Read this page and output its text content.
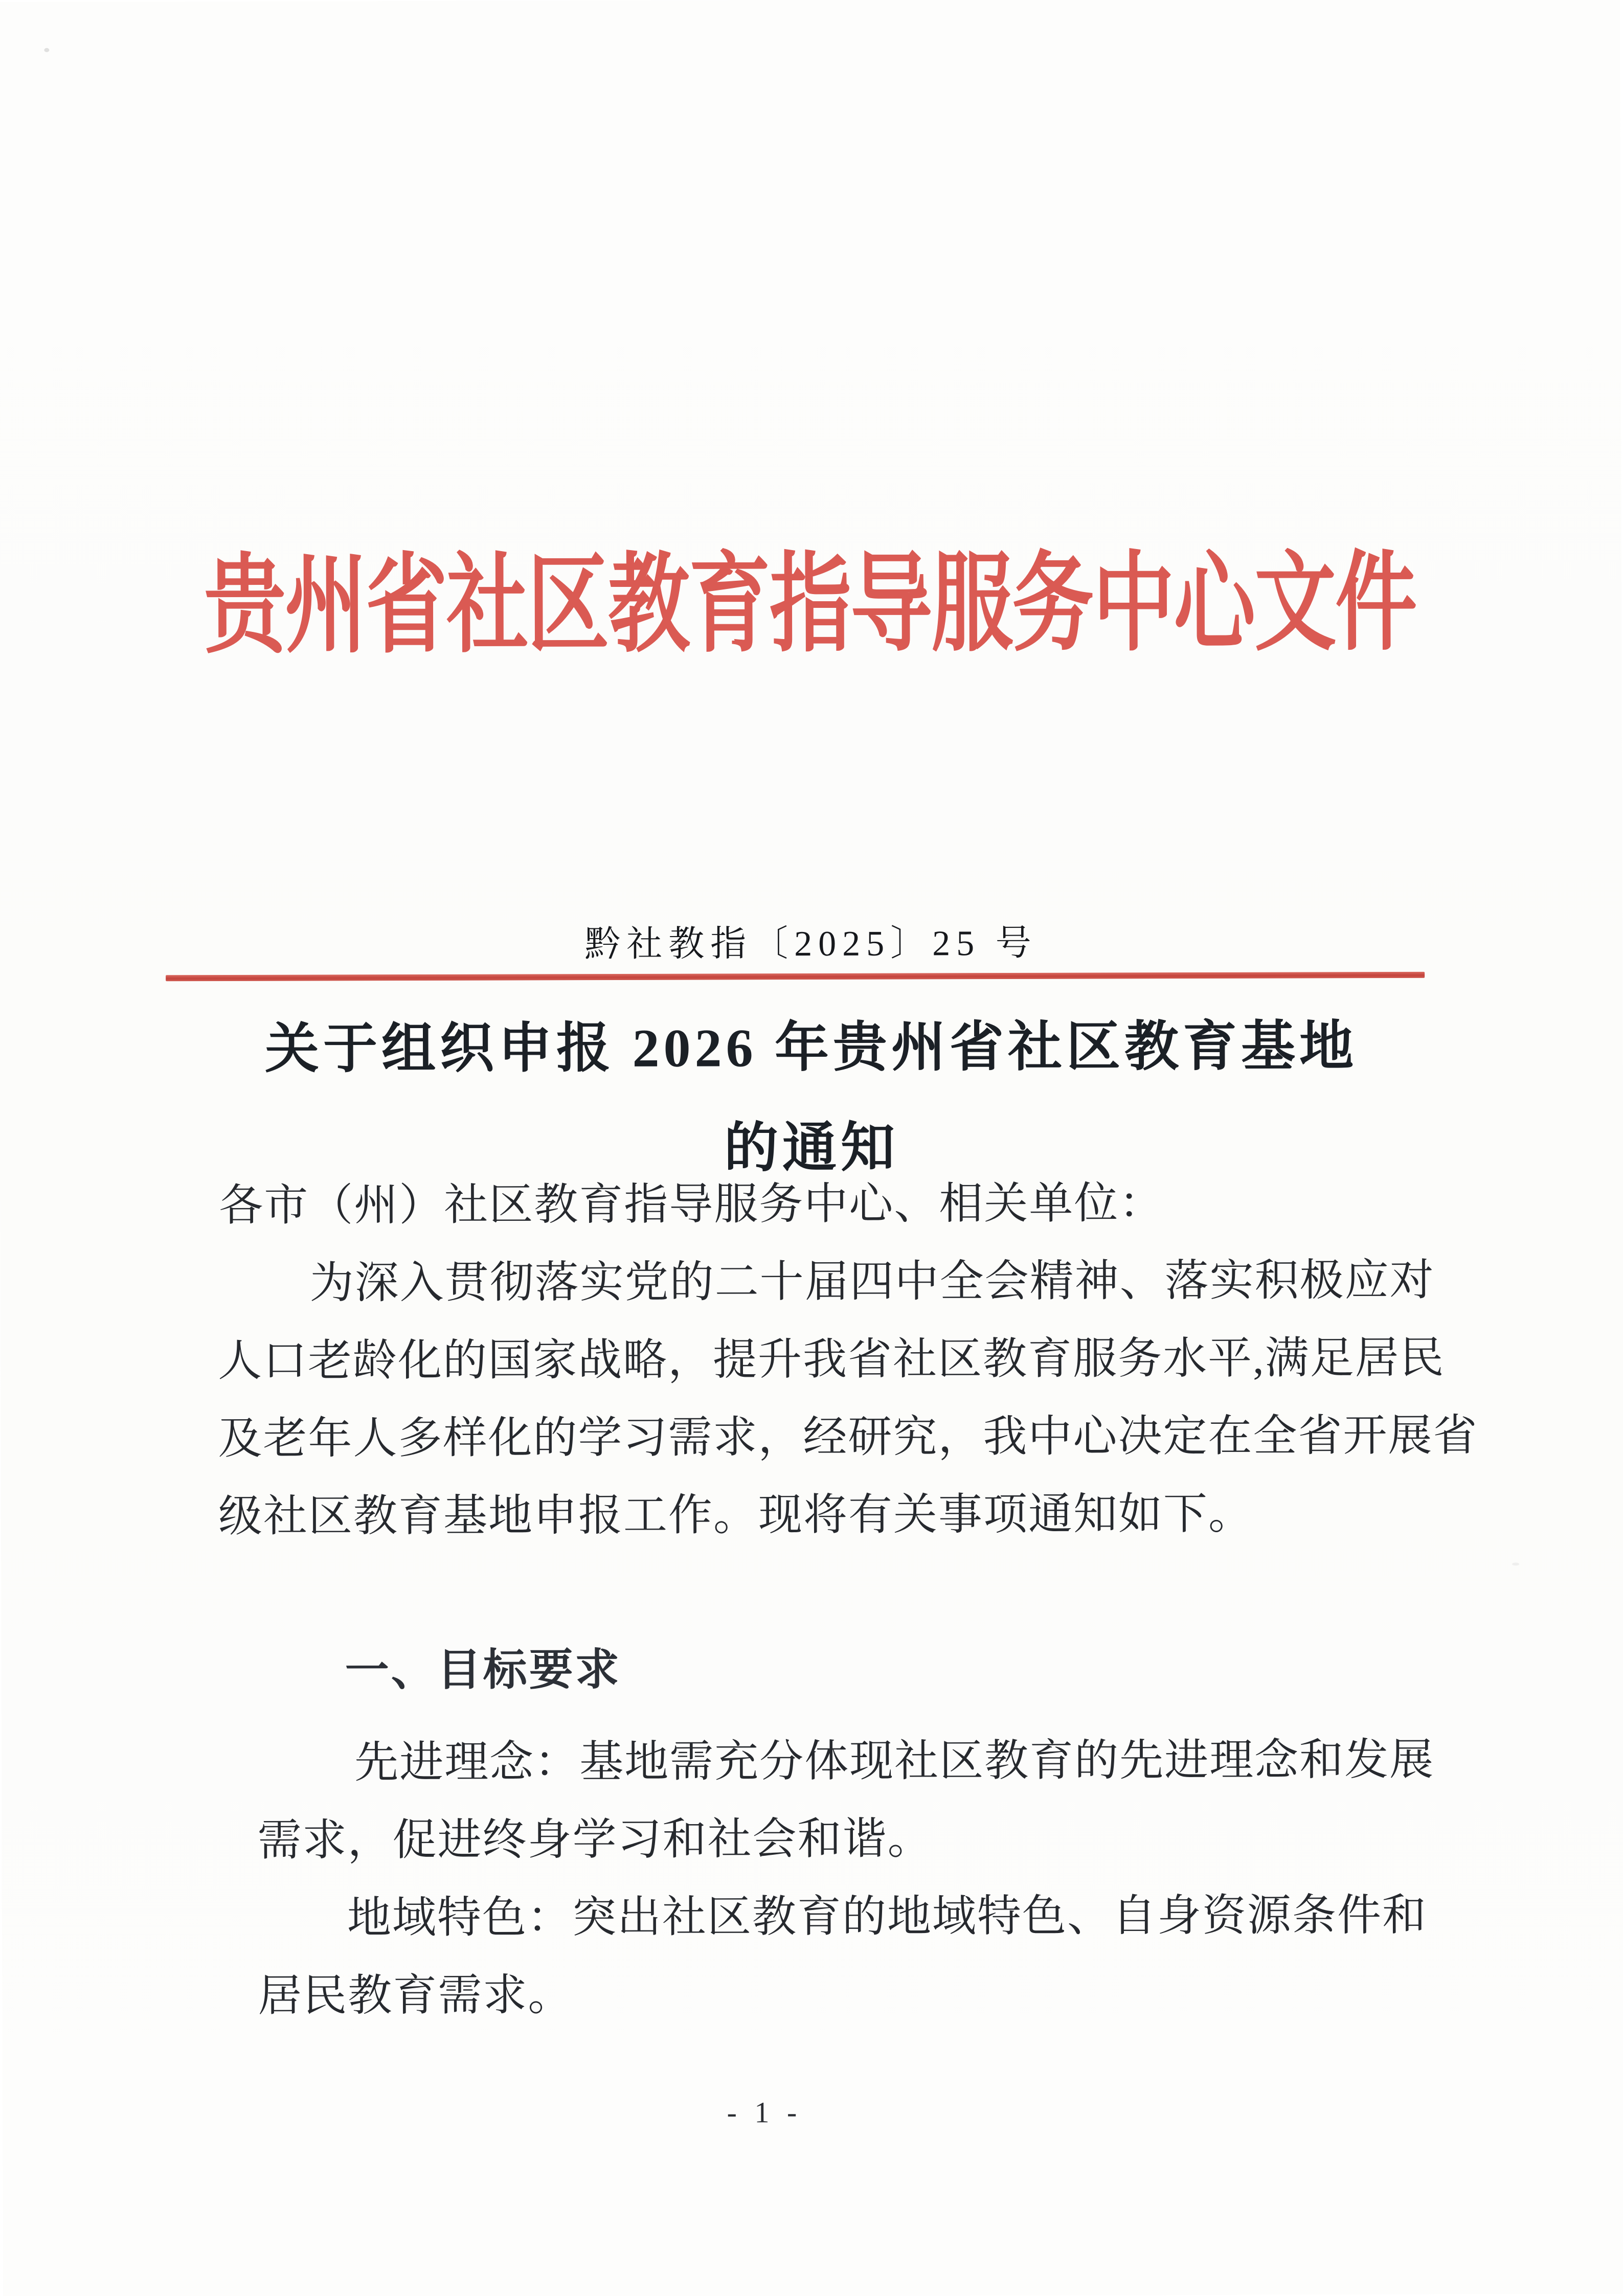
贵州省社区教育指导服务中心文件
黔社教指〔2025〕25 号
关于组织申报 2026 年贵州省社区教育基地
的通知
各市（州）社区教育指导服务中心、相关单位：
为深入贯彻落实党的二十届四中全会精神、落实积极应对
人口老龄化的国家战略，提升我省社区教育服务水平,满足居民
及老年人多样化的学习需求，经研究，我中心决定在全省开展省
级社区教育基地申报工作。现将有关事项通知如下。
一、目标要求
先进理念：基地需充分体现社区教育的先进理念和发展
需求，促进终身学习和社会和谐。
地域特色：突出社区教育的地域特色、自身资源条件和
居民教育需求。
- 1 -
